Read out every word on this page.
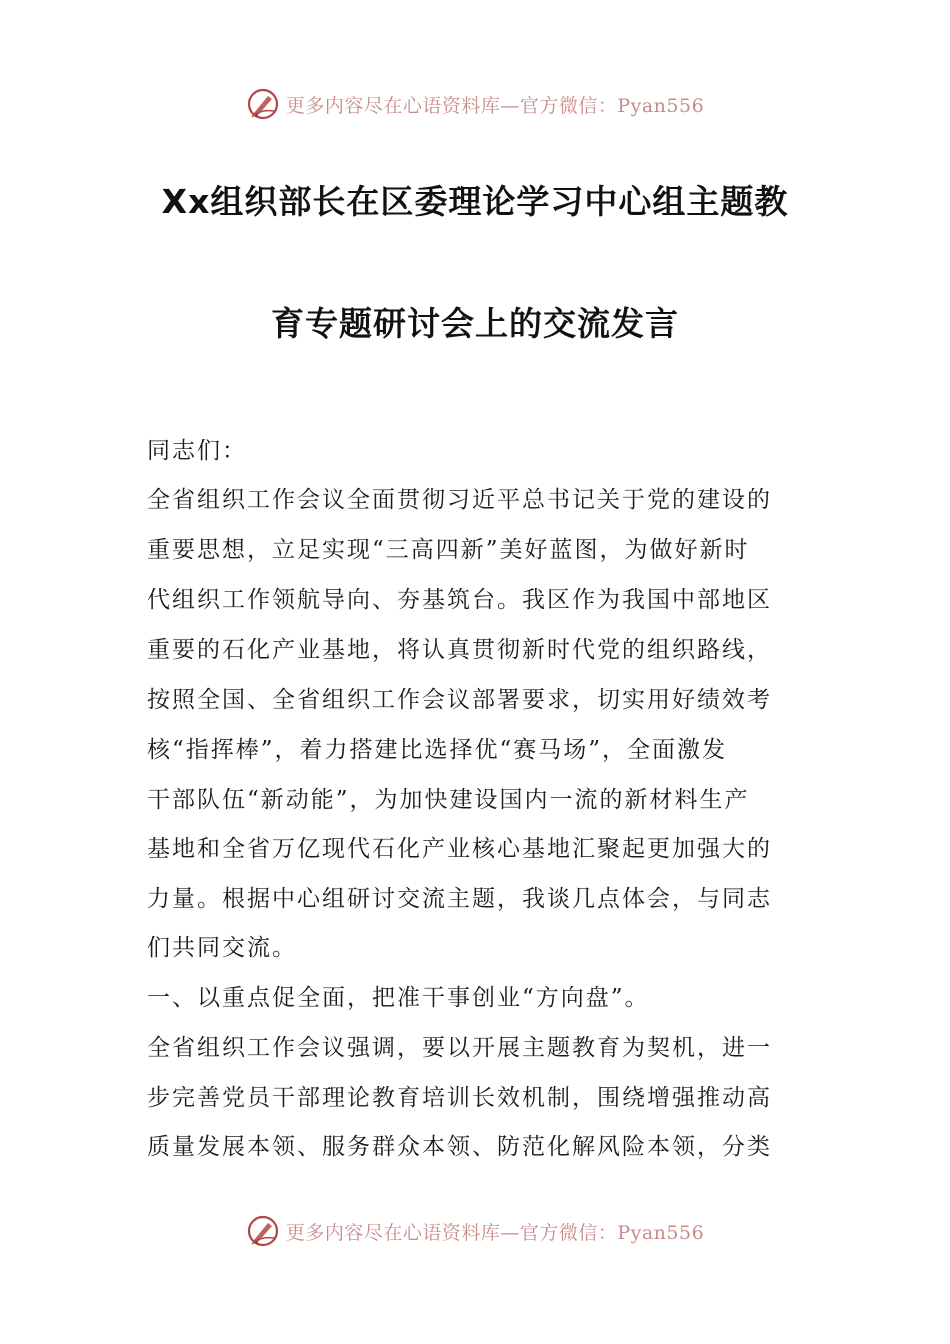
更多内容尽在心语资料库—官方微信：Pyan556
Xx组织部长在区委理论学习中心组主题教
育专题研讨会上的交流发言
同志们：
全省组织工作会议全面贯彻习近平总书记关于党的建设的
重要思想，立足实现“三高四新”美好蓝图，为做好新时
代组织工作领航导向、夯基筑台。我区作为我国中部地区
重要的石化产业基地，将认真贯彻新时代党的组织路线，
按照全国、全省组织工作会议部署要求，切实用好绩效考
核“指挥棒”，着力搭建比选择优“赛马场”，全面激发
干部队伍“新动能”，为加快建设国内一流的新材料生产
基地和全省万亿现代石化产业核心基地汇聚起更加强大的
力量。根据中心组研讨交流主题，我谈几点体会，与同志
们共同交流。
一、以重点促全面，把准干事创业“方向盘”。
全省组织工作会议强调，要以开展主题教育为契机，进一
步完善党员干部理论教育培训长效机制，围绕增强推动高
质量发展本领、服务群众本领、防范化解风险本领，分类
更多内容尽在心语资料库—官方微信：Pyan556
